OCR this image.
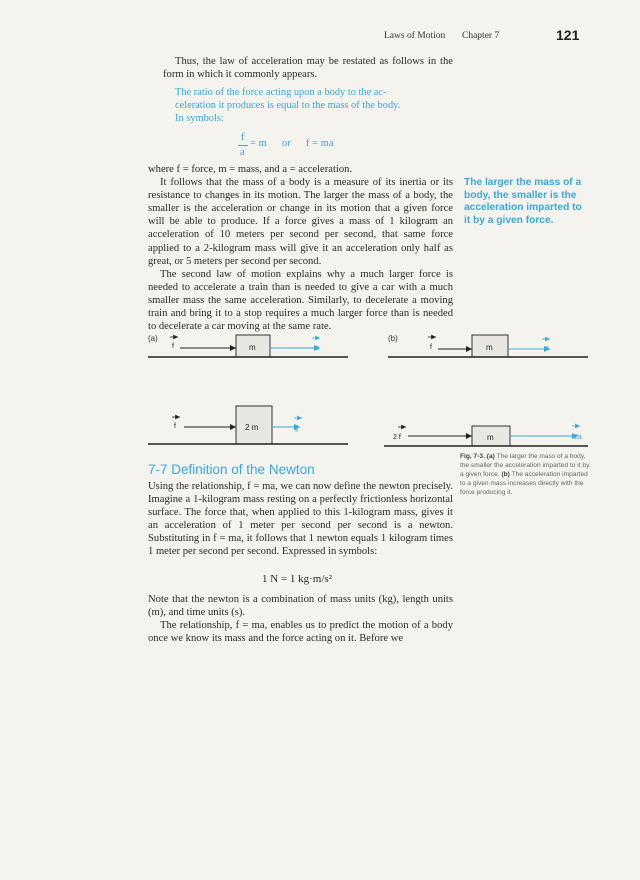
Laws of Motion Chapter 7	121

Thus, the law of acceleration may be restated as follows in the form in which it commonly appears.

The ratio of the force acting upon a body to the ac-
celeration it produces is equal to the mass of the body.
In symbols:
f
a
= m or f = ma

where f = force, m = mass, and a = acceleration.

It follows that the mass of a body is a measure of its inertia or its resistance to changes in its motion. The larger the mass of a body, the smaller is the acceleration or change in its motion that a given force will be able to produce. If a force gives a mass of 1 kilogram an acceleration of 10 meters per second per second, that same force applied to a 2-kilogram mass will give it an acceleration only half as great, or 5 meters per second per second.

The second law of motion explains why a much larger force is needed to accelerate a train than is needed to give a car with a much smaller mass the same acceleration. Similarly, to decelerate a moving train and bring it to a stop requires a much larger force than is needed to decelerate a car moving at the same rate.

The larger the mass of a body, the smaller is the acceleration imparted to it by a given force.
(a)
f	m	a
(b)
f	m	a
f	2 m	a/2
2 f	m	2a
Fig. 7-3. (a) The larger the mass of a body, the smaller the acceleration imparted to it by a given force. (b) The acceleration imparted to a given mass increases directly with the force producing it.
7-7 Definition of the Newton

Using the relationship, f = ma, we can now define the newton precisely. Imagine a 1-kilogram mass resting on a perfectly frictionless horizontal surface. The force that, when applied to this 1-kilogram mass, gives it an acceleration of 1 meter per second per second is a newton. Substituting in f = ma, it follows that 1 newton equals 1 kilogram times 1 meter per second per second. Expressed in symbols:

1 N = 1 kg·m/s²

Note that the newton is a combination of mass units (kg), length units (m), and time units (s).

The relationship, f = ma, enables us to predict the motion of a body once we know its mass and the force acting on it. Before we
